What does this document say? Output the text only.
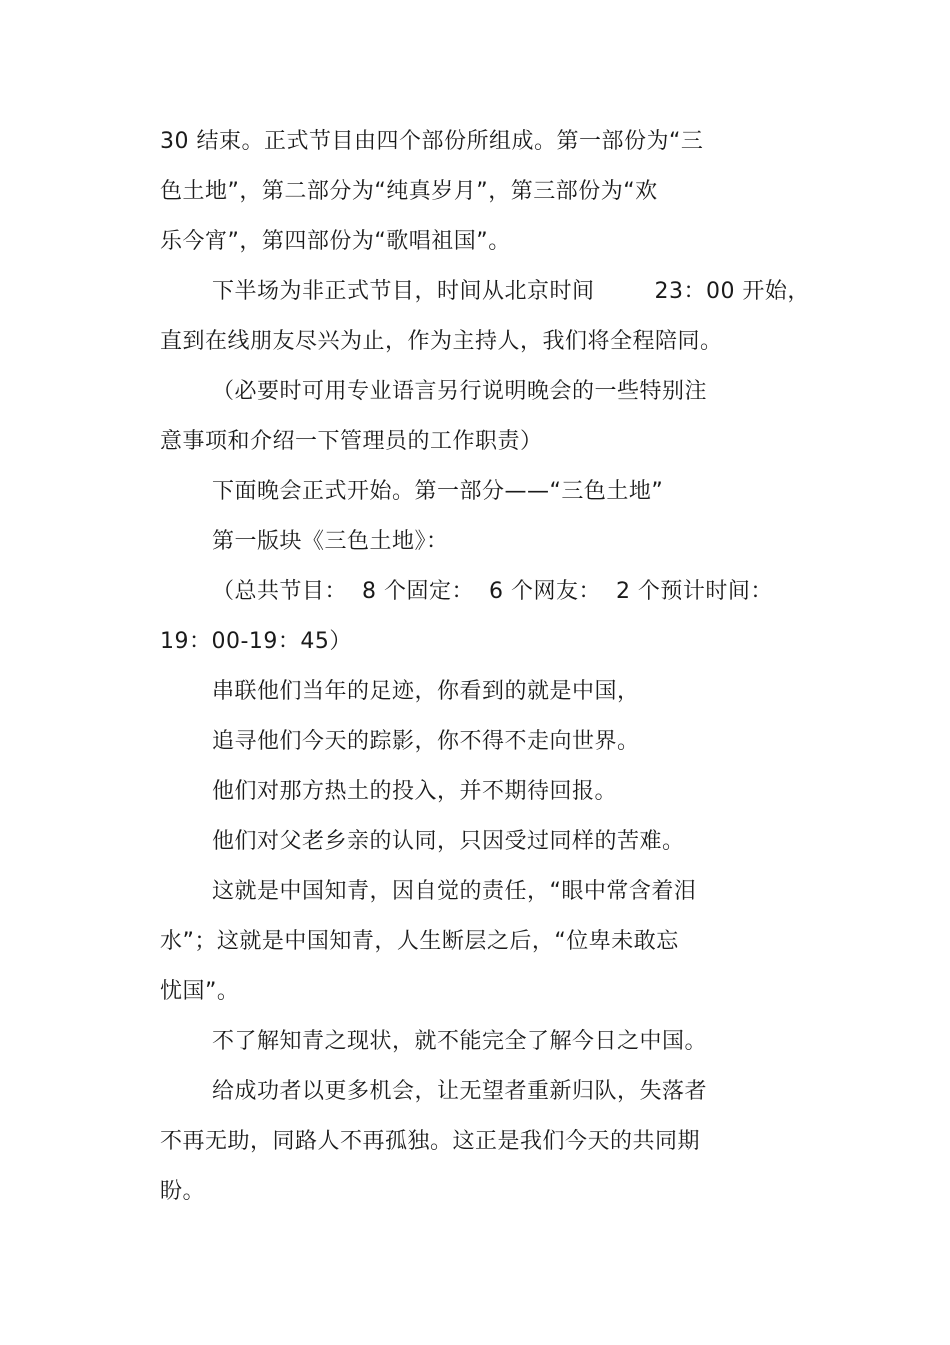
30 结束。正式节目由四个部份所组成。第一部份为“三
色土地”，第二部分为“纯真岁月”，第三部份为“欢
乐今宵”，第四部份为“歌唱祖国”。
下半场为非正式节目，时间从北京时间        23：00 开始，
直到在线朋友尽兴为止，作为主持人，我们将全程陪同。
（必要时可用专业语言另行说明晚会的一些特别注
意事项和介绍一下管理员的工作职责）
下面晚会正式开始。第一部分——“三色土地”
第一版块《三色土地》：
（总共节目：  8 个固定：  6 个网友：  2 个预计时间：
19：00-19：45）
串联他们当年的足迹，你看到的就是中国，
追寻他们今天的踪影，你不得不走向世界。
他们对那方热土的投入，并不期待回报。
他们对父老乡亲的认同，只因受过同样的苦难。
这就是中国知青，因自觉的责任，“眼中常含着泪
水”；这就是中国知青，人生断层之后，“位卑未敢忘
忧国”。
不了解知青之现状，就不能完全了解今日之中国。
给成功者以更多机会，让无望者重新归队，失落者
不再无助，同路人不再孤独。这正是我们今天的共同期
盼。
